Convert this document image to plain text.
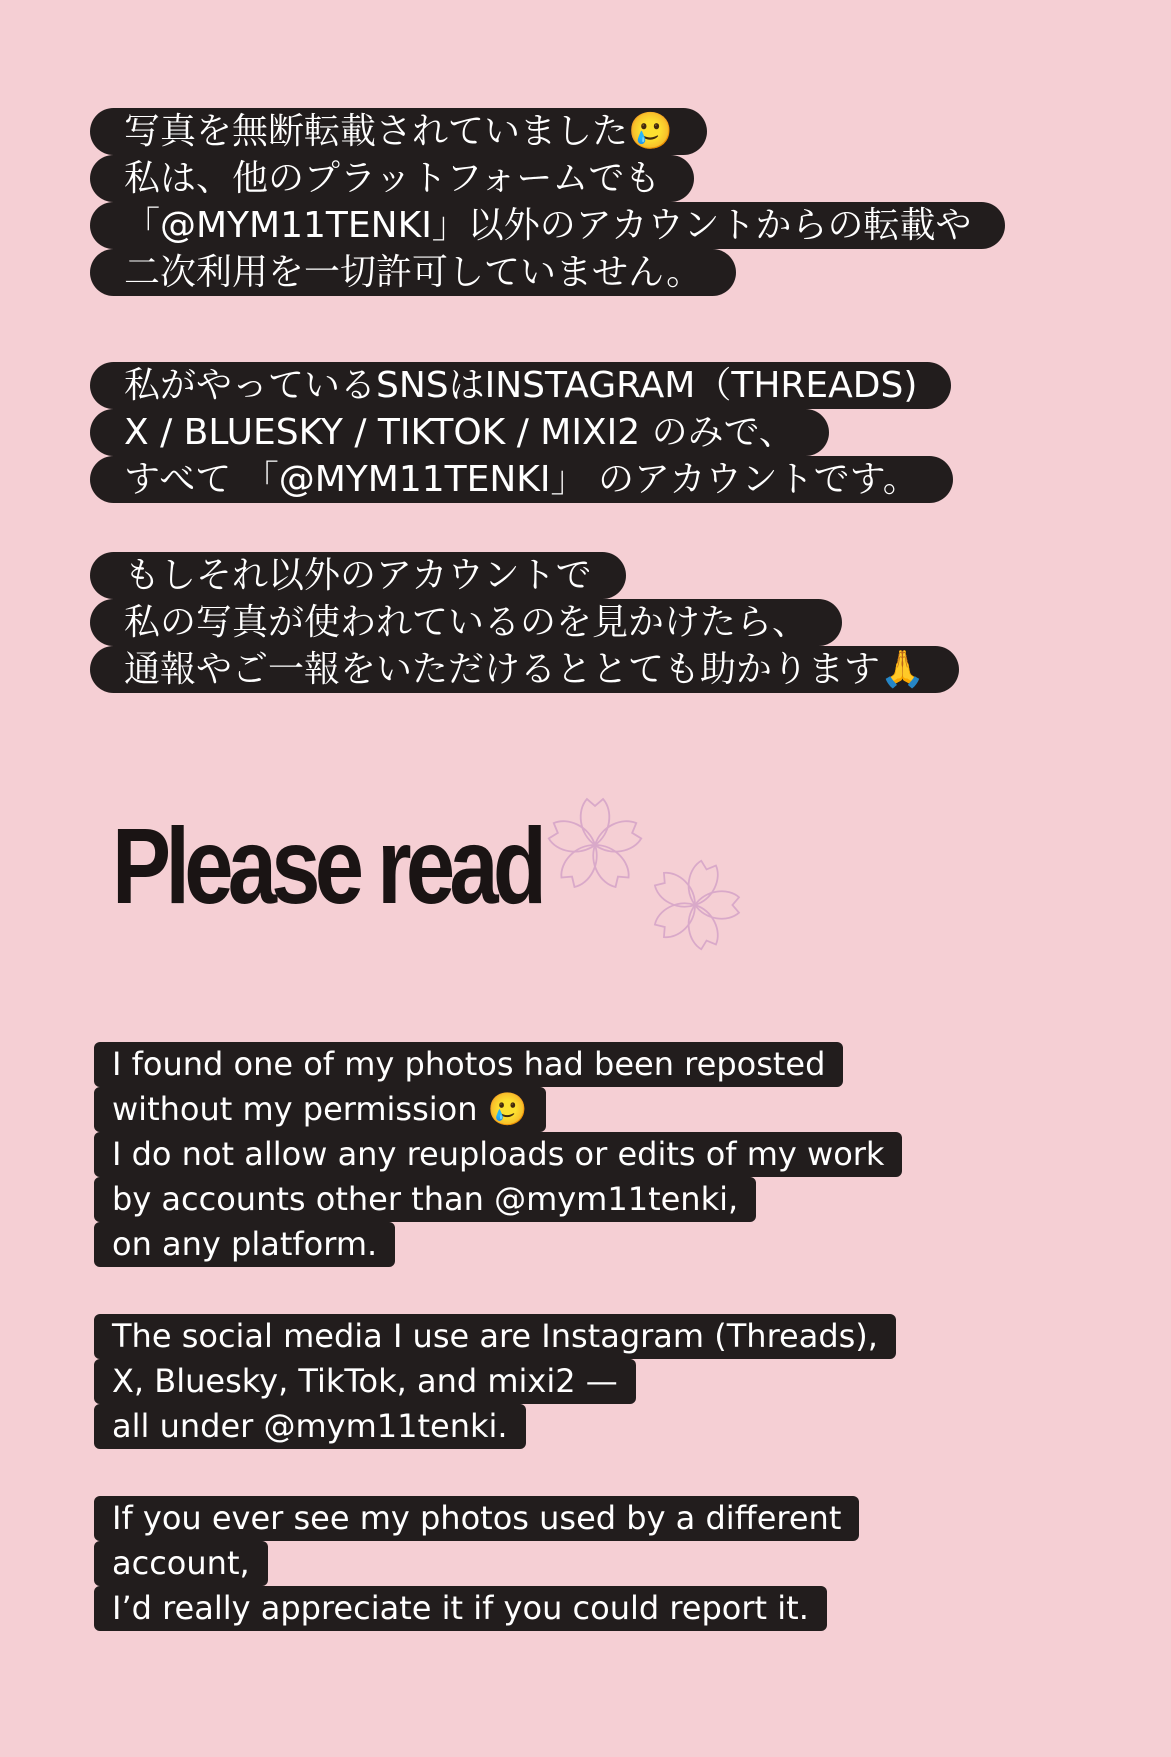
写真を無断転載されていました🥲
私は、他のプラットフォームでも
「@MYM11TENKI」以外のアカウントからの転載や
二次利用を一切許可していません。
私がやっているSNSはINSTAGRAM（THREADS)
X / BLUESKY / TIKTOK / MIXI2 のみで、
すべて 「@MYM11TENKI」 のアカウントです。
もしそれ以外のアカウントで
私の写真が使われているのを見かけたら、
通報やご一報をいただけるととても助かります🙏
Please read
I found one of my photos had been reposted
without my permission 🥲
I do not allow any reuploads or edits of my work
by accounts other than @mym11tenki,
on any platform.
The social media I use are Instagram (Threads),
X, Bluesky, TikTok, and mixi2 —
all under @mym11tenki.
If you ever see my photos used by a different
account,
I’d really appreciate it if you could report it.
